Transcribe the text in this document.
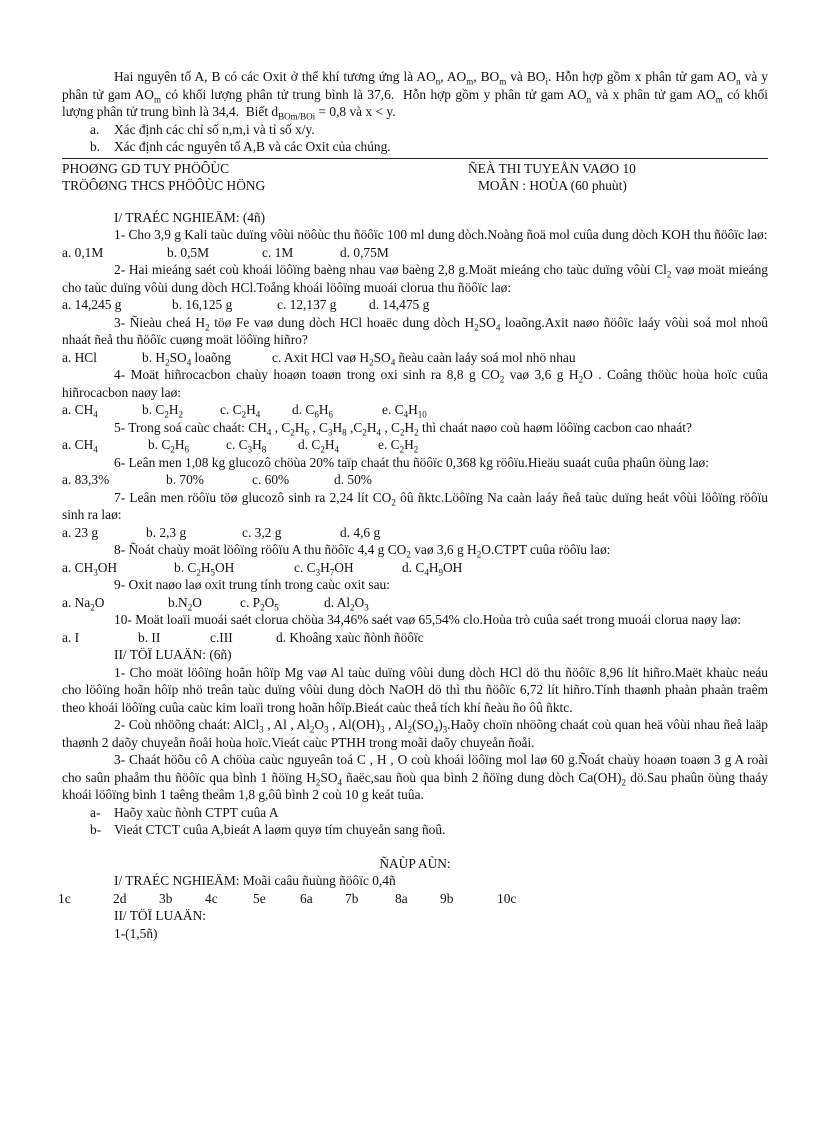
Hai nguyên tố A, B có các Oxit ở thể khí tương ứng là $AO_n$, $AO_m$, $BO_m$ và $BO_i$. Hỗn hợp gồm x phân tử gam $AO_n$ và y phân tử gam $AO_m$ có khối lượng phân tử trung bình là 37,6.  Hỗn hợp gồm y phân tử gam $AO_n$ và x phân tử gam $AO_m$ có khối lượng phân tử trung bình là 34,4.  Biết $d_{BOm/BOi} = 0,8$ và x < y.

a. Xác định các chỉ số n,m,i và tỉ số x/y.

b. Xác định các nguyên tố A,B và các Oxit của chúng.

PHOØNG GD TUY PHÖÔÙC
TRÖÔØNG THCS PHÖÔÙC HÖNG
ÑEÀ THI TUYEÅN VAØO 10
MOÂN : HOÙA (60 phuùt)

I/ TRAÉC NGHIEÄM: (4ñ)

1- Cho 3,9 g Kali taùc duïng vôùi nöôùc thu ñöôïc 100 ml dung dòch.Noàng ñoä mol cuûa dung dòch KOH thu ñöôïc laø:

a. 0,1M	b. 0,5M	c. 1M	d. 0,75M

2- Hai mieáng saét coù khoái löôïng baèng nhau vaø baèng 2,8 g.Moät mieáng cho taùc duïng vôùi $Cl_2$ vaø moät mieáng cho taùc duïng vôùi dung dòch HCl.Toång khoái löôïng muoái clorua thu ñöôïc laø:

a. 14,245 g	b. 16,125 g	c. 12,137 g	d. 14,475 g

3- Ñieàu cheá $H_2$ töø Fe vaø dung dòch HCl hoaëc dung dòch $H_2SO_4$ loaõng.Axit naøo ñöôïc laáy vôùi soá mol nhoû nhaát ñeå thu ñöôïc cuøng moät löôïng hiñro?

a. HCl	b. $H_2SO_4$ loaõng	c. Axit HCl vaø $H_2SO_4$ ñeàu caàn laáy soá mol nhö nhau

4- Moät hiñrocacbon chaùy hoaøn toaøn trong oxi sinh ra 8,8 g $CO_2$ vaø 3,6 g $H_2O$ . Coâng thöùc hoùa hoïc cuûa hiñrocacbon naøy laø:

a. $CH_4$	b. $C_2H_2$	c. $C_2H_4$	d. $C_6H_6$	e. $C_4H_{10}$

5- Trong soá caùc chaát: $CH_4$ , $C_2H_6$ , $C_3H_8$ $,C_2H_4$ , $C_2H_2$ thì chaát naøo coù haøm löôïng cacbon cao nhaát?

a. $CH_4$	b. $C_2H_6$	c. $C_3H_8$	d. $C_2H_4$	e. $C_2H_2$

6- Leân men 1,08 kg glucozô chöùa 20% taïp chaát thu ñöôïc 0,368 kg röôïu.Hieäu suaát cuûa phaûn öùng laø:

a. 83,3%	b. 70%	c. 60%	d. 50%

7- Leân men röôïu töø glucozô sinh ra 2,24 lít $CO_2$ ôû ñktc.Löôïng Na caàn laáy ñeå taùc duïng heát vôùi löôïng röôïu sinh ra laø:

a. 23 g	b. 2,3 g	c. 3,2 g	d. 4,6 g

8- Ñoát chaùy moät löôïng röôïu A thu ñöôïc 4,4 g $CO_2$ vaø 3,6 g $H_2O.CTPT$ cuûa röôïu laø:

a. $CH_3OH$	b. $C_2H_5OH$	c. $C_3H_7OH$	d. $C_4H_9OH$

9- Oxit naøo laø oxit trung tính trong caùc oxit sau:

a. $Na_2O$	$b.N_2O$	c. $P_2O_5$	d. $Al_2O_3$

10- Moät loaïi muoái saét clorua chöùa 34,46% saét vaø 65,54% clo.Hoùa trò cuûa saét trong muoái clorua naøy laø:

a. I	b. II	c.III	d. Khoâng xaùc ñònh ñöôïc

II/ TÖÏ LUAÄN: (6ñ)

1- Cho moät löôïng hoãn hôïp Mg vaø Al taùc duïng vôùi dung dòch HCl dö thu ñöôïc 8,96 lít hiñro.Maët khaùc neáu cho löôïng hoãn hôïp nhö treân taùc duïng vôùi dung dòch NaOH dö thì thu ñöôïc 6,72 lít hiñro.Tính thaønh phaàn phaàn traêm theo khoái löôïng cuûa caùc kim loaïi trong hoãn hôïp.Bieát caùc theå tích khí ñeàu ño ôû ñktc.

2- Coù nhöõng chaát: AlCl$_3$ , Al , $Al_2O_3$ , $Al(OH)_3$ , $Al_2(SO_4)_3.Haõy$ choïn nhöõng chaát coù quan heä vôùi nhau ñeå laäp thaønh 2 daõy chuyeån ñoåi hoùa hoïc.Vieát caùc PTHH trong moãi daõy chuyeån ñoåi.

3- Chaát höõu cô A chöùa caùc nguyeân toá C , H , O coù khoái löôïng mol laø 60 g.Ñoát chaùy hoaøn toaøn 3 g A roài cho saûn phaåm thu ñöôïc qua bình 1 ñöïng $H_2SO_4$ ñaëc,sau ñoù qua bình 2 ñöïng dung dòch $Ca(OH)_2$ dö.Sau phaûn öùng thaáy khoái löôïng bình 1 taêng theâm 1,8 g,ôû bình 2 coù 10 g keát tuûa.

a- Haõy xaùc ñònh CTPT cuûa A

b- Vieát CTCT cuûa A,bieát A laøm quyø tím chuyeån sang ñoû.

ÑAÙP AÙN:

I/ TRAÉC NGHIEÄM: Moãi caâu ñuùng ñöôïc 0,4ñ

1c	2d	3b	4c	5e	6a	7b	8a	9b	10c

II/ TÖÏ LUAÄN:

1-(1,5ñ)
